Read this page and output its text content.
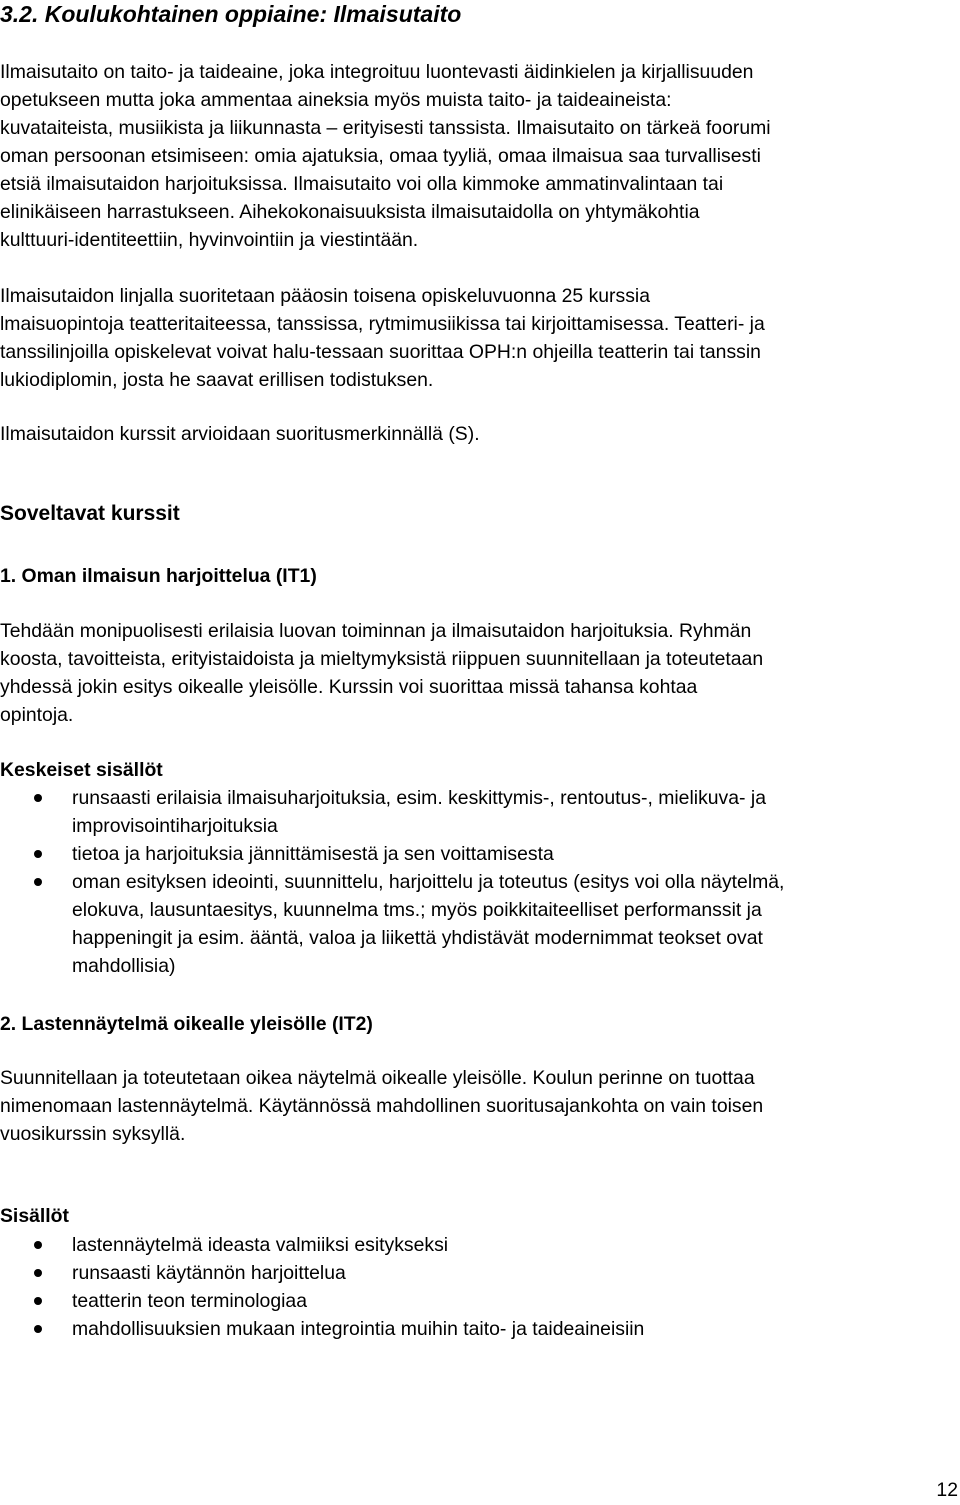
3.2. Koulukohtainen oppiaine: Ilmaisutaito
Ilmaisutaito on taito- ja taideaine, joka integroituu luontevasti äidinkielen ja kirjallisuuden
opetukseen mutta joka ammentaa aineksia myös muista taito- ja taideaineista:
kuvataiteista, musiikista ja liikunnasta – erityisesti tanssista. Ilmaisutaito on tärkeä foorumi
oman persoonan etsimiseen: omia ajatuksia, omaa tyyliä, omaa ilmaisua saa turvallisesti
etsiä ilmaisutaidon harjoituksissa. Ilmaisutaito voi olla kimmoke ammatinvalintaan tai
elinikäiseen harrastukseen. Aihekokonaisuuksista ilmaisutaidolla on yhtymäkohtia
kulttuuri-identiteettiin, hyvinvointiin ja viestintään.
Ilmaisutaidon linjalla suoritetaan pääosin toisena opiskeluvuonna 25 kurssia
lmaisuopintoja teatteritaiteessa, tanssissa, rytmimusiikissa tai kirjoittamisessa. Teatteri- ja
tanssilinjoilla opiskelevat voivat halu-tessaan suorittaa OPH:n ohjeilla teatterin tai tanssin
lukiodiplomin, josta he saavat erillisen todistuksen.
Ilmaisutaidon kurssit arvioidaan suoritusmerkinnällä (S).
Soveltavat kurssit
1. Oman ilmaisun harjoittelua (IT1)
Tehdään monipuolisesti erilaisia luovan toiminnan ja ilmaisutaidon harjoituksia. Ryhmän
koosta, tavoitteista, erityistaidoista ja mieltymyksistä riippuen suunnitellaan ja toteutetaan
yhdessä jokin esitys oikealle yleisölle. Kurssin voi suorittaa missä tahansa kohtaa
opintoja.
Keskeiset sisällöt
runsaasti erilaisia ilmaisuharjoituksia, esim. keskittymis-, rentoutus-, mielikuva- ja
improvisointiharjoituksia
tietoa ja harjoituksia jännittämisestä ja sen voittamisesta
oman esityksen ideointi, suunnittelu, harjoittelu ja toteutus (esitys voi olla näytelmä,
elokuva, lausuntaesitys, kuunnelma tms.; myös poikkitaiteelliset performanssit ja
happeningit ja esim. ääntä, valoa ja liikettä yhdistävät modernimmat teokset ovat
mahdollisia)
2. Lastennäytelmä oikealle yleisölle (IT2)
Suunnitellaan ja toteutetaan oikea näytelmä oikealle yleisölle. Koulun perinne on tuottaa
nimenomaan lastennäytelmä. Käytännössä mahdollinen suoritusajankohta on vain toisen
vuosikurssin syksyllä.
Sisällöt
lastennäytelmä ideasta valmiiksi esitykseksi
runsaasti käytännön harjoittelua
teatterin teon terminologiaa
mahdollisuuksien mukaan integrointia muihin taito- ja taideaineisiin
12
